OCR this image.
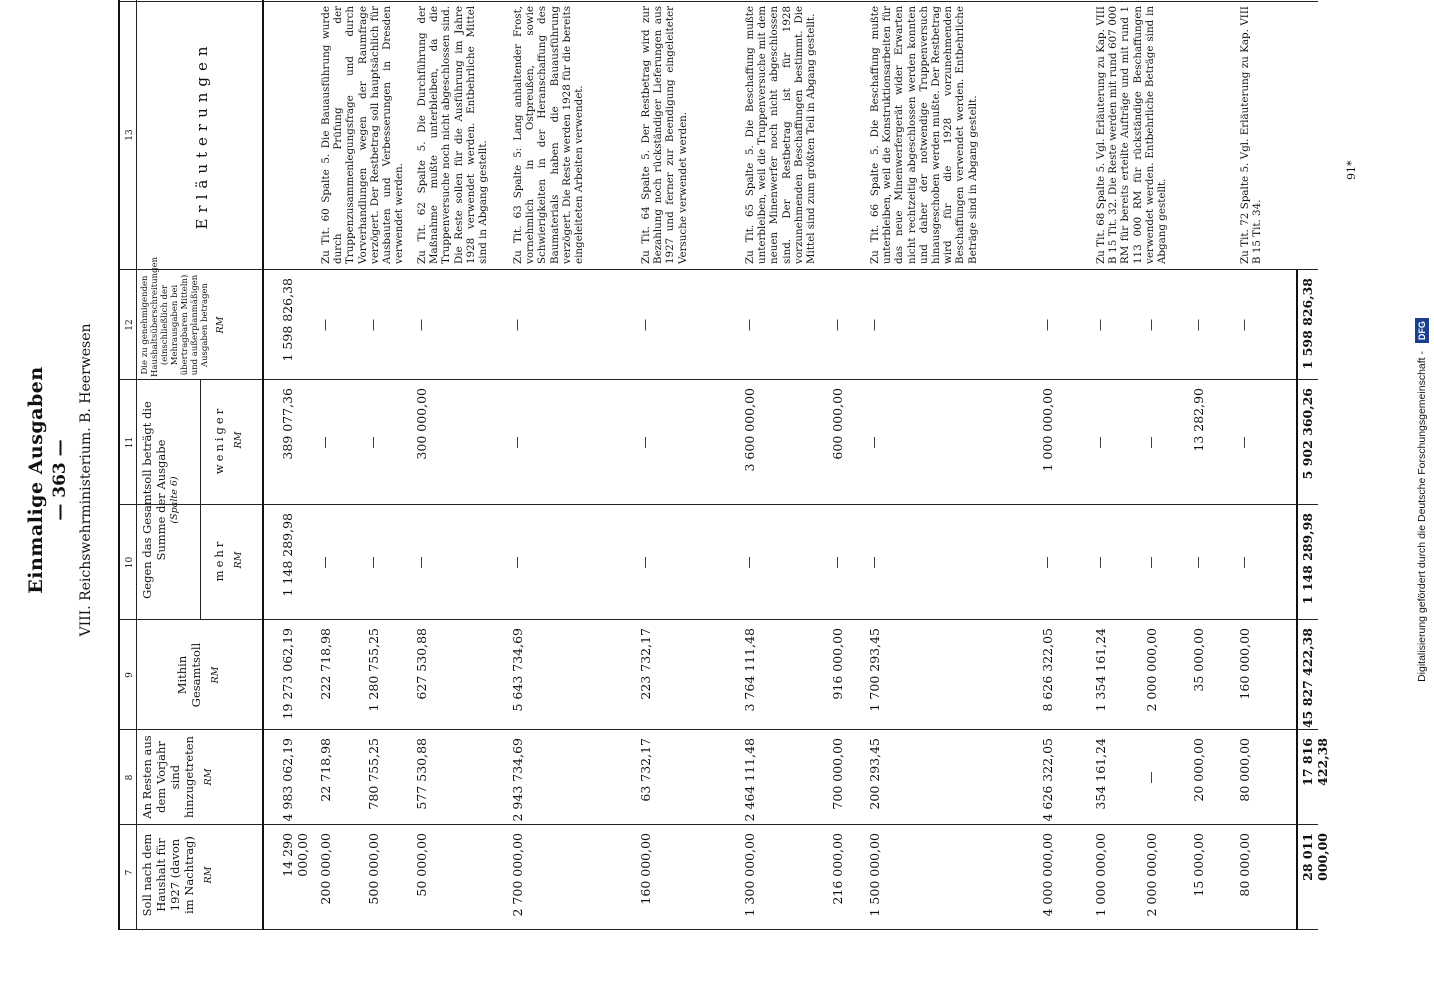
Einmalige Ausgaben — 363 — VIII. Reichswehrministerium. B. Heerwesen
7
8
9
10
11
12
13
Soll nach dem Haushalt für 1927 (davon im Nachtrag) RM
An Resten aus dem Vorjahr sind hinzugetreten RM
Mithin Gesamtsoll RM
Gegen das Gesamtsoll beträgt die Summe der Ausgabe (Spalte 6)
mehr RM
weniger RM
Die zu genehmigenden Haushaltsüberschreitungen (einschließlich der Mehrausgaben bei übertragbaren Mitteln) und außerplanmäßigen Ausgaben betragen RM
Erläuterungen
14 290 000,00
4 983 062,19
19 273 062,19
1 148 289,98
389 077,36
1 598 826,38
200 000,00
22 718,98
222 718,98
—
—
—
Zu Tit. 60 Spalte 5. Die Bauausführung wurde durch Prüfung der Truppenzusammenlegungsfrage und durch Vorverhandlungen wegen der Raumfrage verzögert. Der Restbetrag soll hauptsächlich für Ausbauten und Verbesserungen in Dresden verwendet werden.
500 000,00
780 755,25
1 280 755,25
—
—
—
50 000,00
577 530,88
627 530,88
—
300 000,00
—
Zu Tit. 62 Spalte 5. Die Durchführung der Maßnahme mußte unterbleiben, da die Truppenversuche noch nicht abgeschlossen sind. Die Reste sollen für die Ausführung im Jahre 1928 verwendet werden. Entbehrliche Mittel sind in Abgang gestellt.
2 700 000,00
2 943 734,69
5 643 734,69
—
—
—
Zu Tit. 63 Spalte 5: Lang anhaltender Frost, vornehmlich in Ostpreußen, sowie Schwierigkeiten in der Heranschaffung des Baumaterials haben die Bauausführung verzögert. Die Reste werden 1928 für die bereits eingeleiteten Arbeiten verwendet.
160 000,00
63 732,17
223 732,17
—
—
—
Zu Tit. 64 Spalte 5. Der Restbetrag wird zur Bezahlung noch rückständiger Lieferungen aus 1927 und ferner zur Beendigung eingeleiteter Versuche verwendet werden.
1 300 000,00
2 464 111,48
3 764 111,48
—
3 600 000,00
—
Zu Tit. 65 Spalte 5. Die Beschaffung mußte unterbleiben, weil die Truppenversuche mit dem neuen Minenwerfer noch nicht abgeschlossen sind. Der Restbetrag ist für 1928 vorzunehmenden Beschaffungen bestimmt. Die Mittel sind zum größten Teil in Abgang gestellt.
216 000,00
700 000,00
916 000,00
—
600 000,00
—
1 500 000,00
200 293,45
1 700 293,45
—
—
—
Zu Tit. 66 Spalte 5. Die Beschaffung mußte unterbleiben, weil die Konstruktionsarbeiten für das neue Minenwerfergerät wider Erwarten nicht rechtzeitig abgeschlossen werden konnten und daher der notwendige Truppenversuch hinausgeschoben werden mußte. Der Restbetrag wird für die 1928 vorzunehmenden Beschaffungen verwendet werden. Entbehrliche Beträge sind in Abgang gestellt.
4 000 000,00
4 626 322,05
8 626 322,05
—
1 000 000,00
—
1 000 000,00
354 161,24
1 354 161,24
—
—
—
Zu Tit. 68 Spalte 5. Vgl. Erläuterung zu Kap. VIII B 15 Tit. 32. Die Reste werden mit rund 607 000 RM für bereits erteilte Aufträge und mit rund 1 113 000 RM für rückständige Beschaffungen verwendet werden. Entbehrliche Beträge sind in Abgang gestellt.
2 000 000,00
—
2 000 000,00
—
—
—
15 000,00
20 000,00
35 000,00
—
13 282,90
—
80 000,00
80 000,00
160 000,00
—
—
—
Zu Tit. 72 Spalte 5. Vgl. Erläuterung zu Kap. VIII B 15 Tit. 34.
28 011 000,00
17 816 422,38
45 827 422,38
1 148 289,98
5 902 360,26
1 598 826,38
91*
Digitalisierung gefördert durch die Deutsche Forschungsgemeinschaft - DFG
